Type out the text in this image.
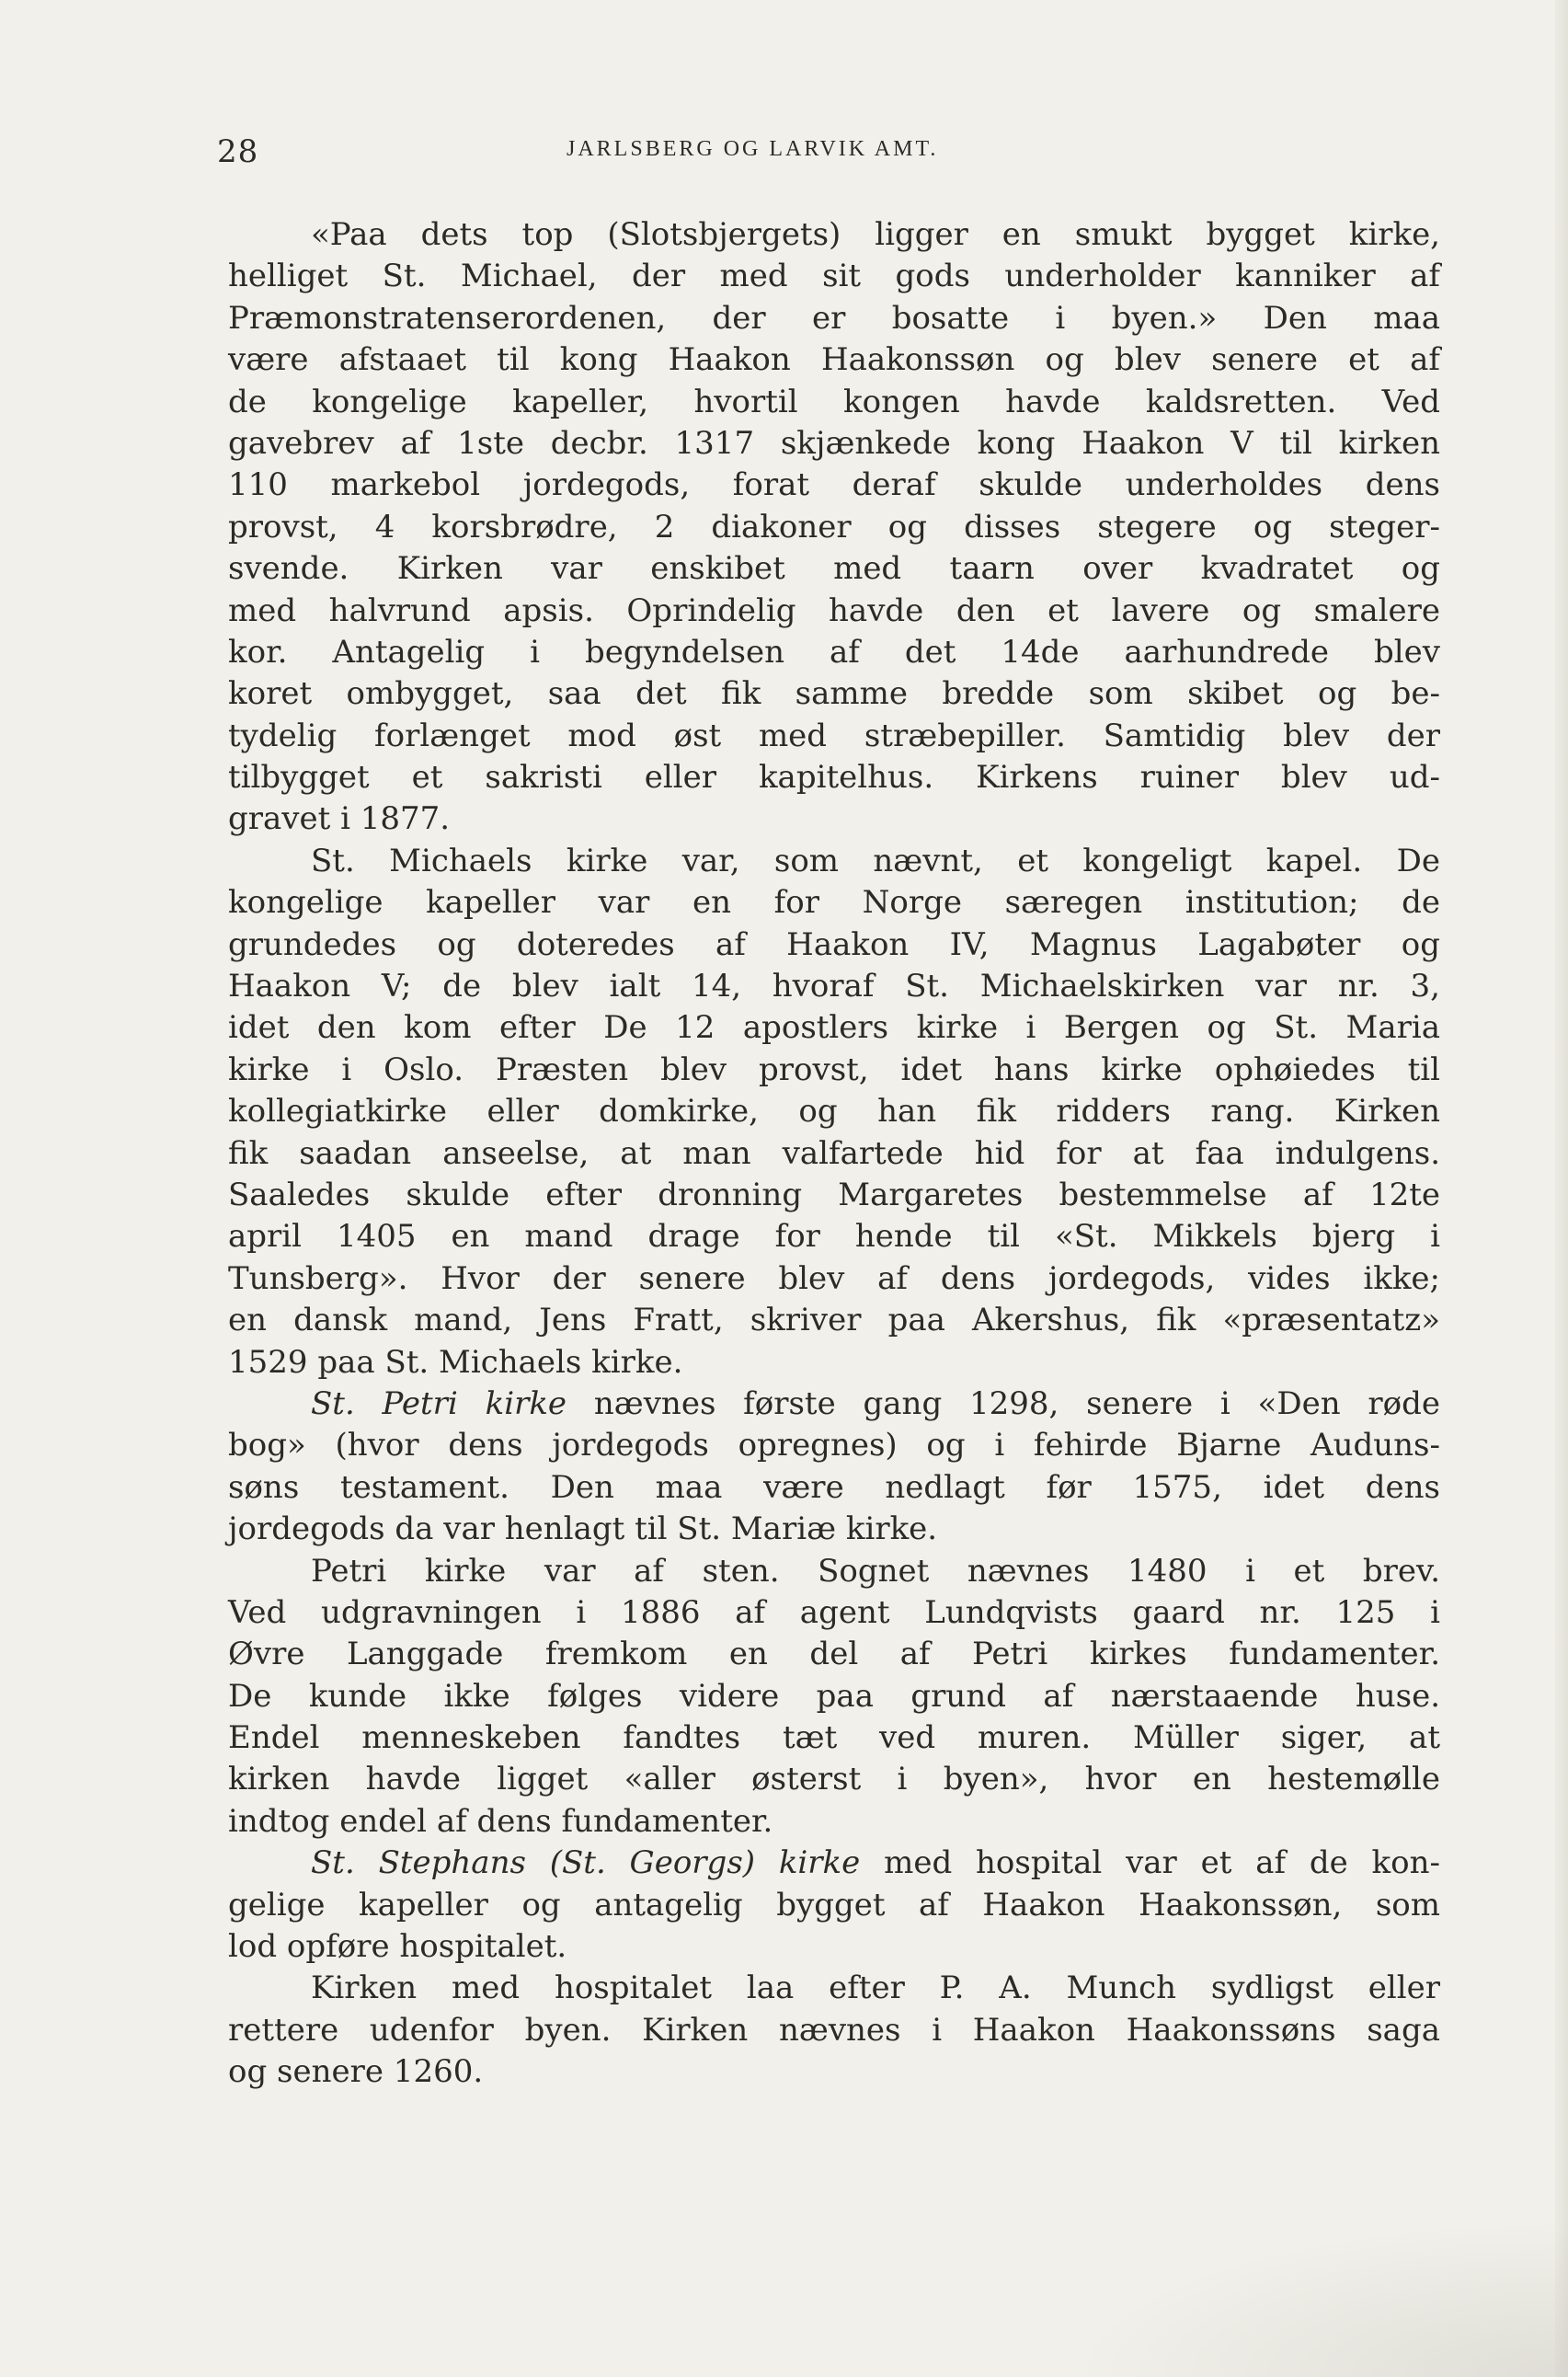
28	JARLSBERG OG LARVIK AMT.
«Paa dets top (Slotsbjergets) ligger en smukt bygget kirke,
helliget St. Michael, der med sit gods underholder kanniker af
Præmonstratenserordenen, der er bosatte i byen.» Den maa
være afstaaet til kong Haakon Haakonssøn og blev senere et af
de kongelige kapeller, hvortil kongen havde kaldsretten. Ved
gavebrev af 1ste decbr. 1317 skjænkede kong Haakon V til kirken
110 markebol jordegods, forat deraf skulde underholdes dens
provst, 4 korsbrødre, 2 diakoner og disses stegere og steger-
svende. Kirken var enskibet med taarn over kvadratet og
med halvrund apsis. Oprindelig havde den et lavere og smalere
kor. Antagelig i begyndelsen af det 14de aarhundrede blev
koret ombygget, saa det fik samme bredde som skibet og be-
tydelig forlænget mod øst med stræbepiller. Samtidig blev der
tilbygget et sakristi eller kapitelhus. Kirkens ruiner blev ud-
gravet i 1877.
St. Michaels kirke var, som nævnt, et kongeligt kapel. De
kongelige kapeller var en for Norge særegen institution; de
grundedes og doteredes af Haakon IV, Magnus Lagabøter og
Haakon V; de blev ialt 14, hvoraf St. Michaelskirken var nr. 3,
idet den kom efter De 12 apostlers kirke i Bergen og St. Maria
kirke i Oslo. Præsten blev provst, idet hans kirke ophøiedes til
kollegiatkirke eller domkirke, og han fik ridders rang. Kirken
fik saadan anseelse, at man valfartede hid for at faa indulgens.
Saaledes skulde efter dronning Margaretes bestemmelse af 12te
april 1405 en mand drage for hende til «St. Mikkels bjerg i
Tunsberg». Hvor der senere blev af dens jordegods, vides ikke;
en dansk mand, Jens Fratt, skriver paa Akershus, fik «præsentatz»
1529 paa St. Michaels kirke.
St. Petri kirke nævnes første gang 1298, senere i «Den røde
bog» (hvor dens jordegods opregnes) og i fehirde Bjarne Auduns-
søns testament. Den maa være nedlagt før 1575, idet dens
jordegods da var henlagt til St. Mariæ kirke.
Petri kirke var af sten. Sognet nævnes 1480 i et brev.
Ved udgravningen i 1886 af agent Lundqvists gaard nr. 125 i
Øvre Langgade fremkom en del af Petri kirkes fundamenter.
De kunde ikke følges videre paa grund af nærstaaende huse.
Endel menneskeben fandtes tæt ved muren. Müller siger, at
kirken havde ligget «aller østerst i byen», hvor en hestemølle
indtog endel af dens fundamenter.
St. Stephans (St. Georgs) kirke med hospital var et af de kon-
gelige kapeller og antagelig bygget af Haakon Haakonssøn, som
lod opføre hospitalet.
Kirken med hospitalet laa efter P. A. Munch sydligst eller
rettere udenfor byen. Kirken nævnes i Haakon Haakonssøns saga
og senere 1260.
